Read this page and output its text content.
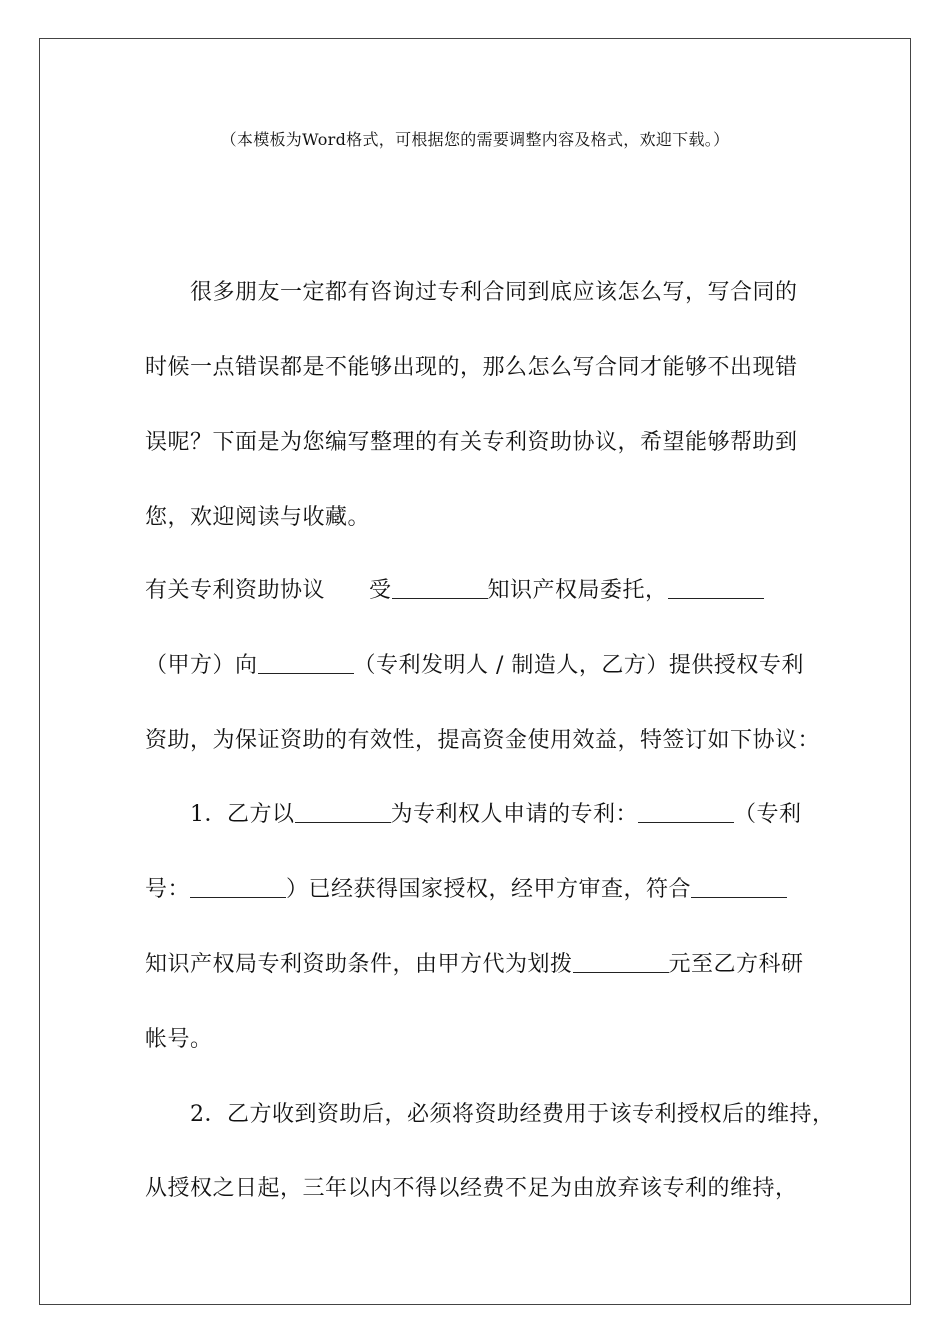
（本模板为Word格式，可根据您的需要调整内容及格式，欢迎下载。）
很多朋友一定都有咨询过专利合同到底应该怎么写，写合同的
时候一点错误都是不能够出现的，那么怎么写合同才能够不出现错
误呢？下面是为您编写整理的有关专利资助协议，希望能够帮助到
您，欢迎阅读与收藏。
有关专利资助协议 受	知识产权局委托，
（甲方）向	（专利发明人 / 制造人，乙方）提供授权专利
资助，为保证资助的有效性，提高资金使用效益，特签订如下协议：
1．乙方以	为专利权人申请的专利：	（专利
号：	）已经获得国家授权，经甲方审查，符合
知识产权局专利资助条件，由甲方代为划拨	元至乙方科研
帐号。
2．乙方收到资助后，必须将资助经费用于该专利授权后的维持，
从授权之日起，三年以内不得以经费不足为由放弃该专利的维持，
